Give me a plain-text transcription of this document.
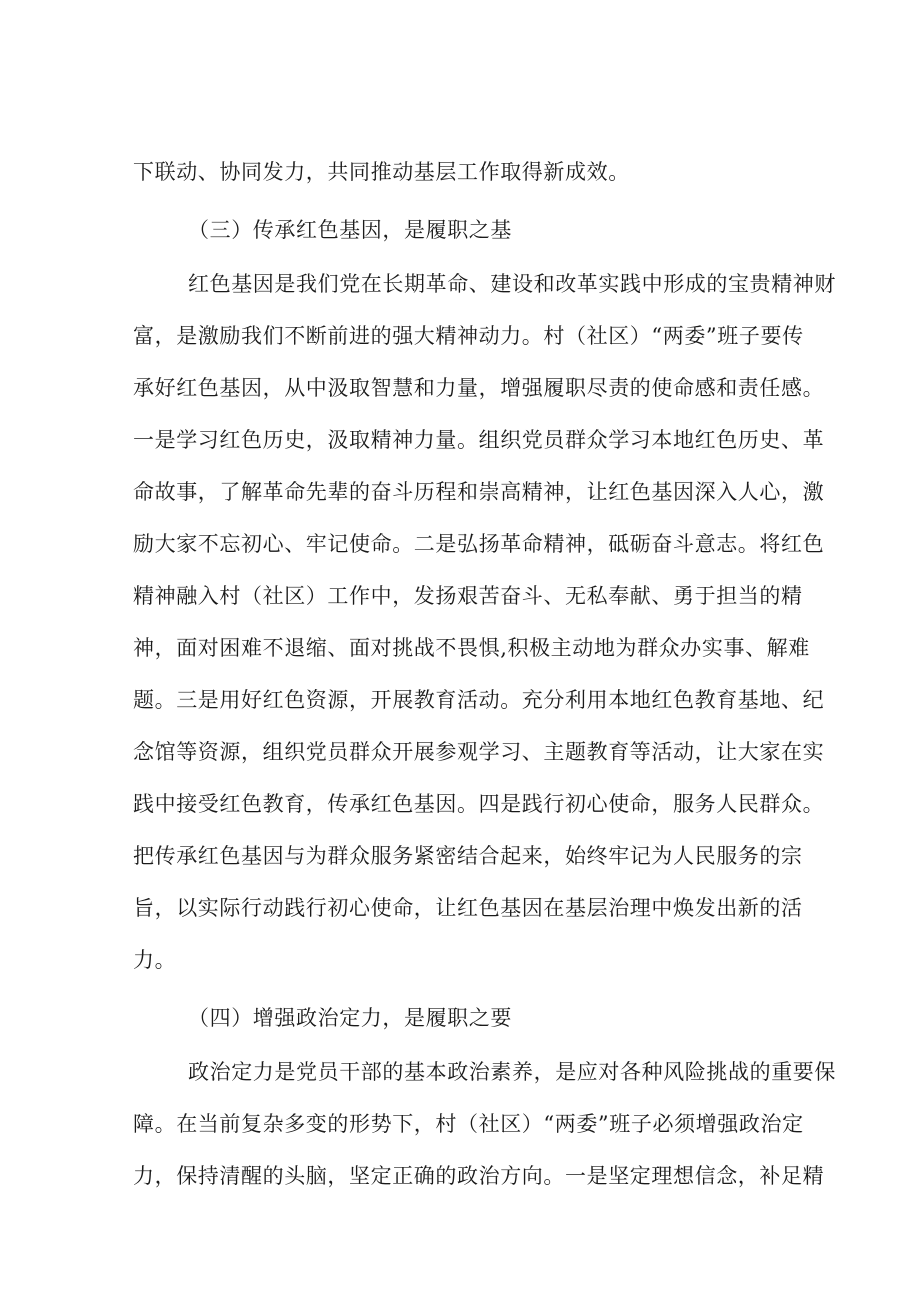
下联动、协同发力，共同推动基层工作取得新成效。
（三）传承红色基因，是履职之基
红色基因是我们党在长期革命、建设和改革实践中形成的宝贵精神财
富，是激励我们不断前进的强大精神动力。村（社区）“两委”班子要传
承好红色基因，从中汲取智慧和力量，增强履职尽责的使命感和责任感。
一是学习红色历史，汲取精神力量。组织党员群众学习本地红色历史、革
命故事，了解革命先辈的奋斗历程和崇高精神，让红色基因深入人心，激
励大家不忘初心、牢记使命。二是弘扬革命精神，砥砺奋斗意志。将红色
精神融入村（社区）工作中，发扬艰苦奋斗、无私奉献、勇于担当的精
神，面对困难不退缩、面对挑战不畏惧,积极主动地为群众办实事、解难
题。三是用好红色资源，开展教育活动。充分利用本地红色教育基地、纪
念馆等资源，组织党员群众开展参观学习、主题教育等活动，让大家在实
践中接受红色教育，传承红色基因。四是践行初心使命，服务人民群众。
把传承红色基因与为群众服务紧密结合起来，始终牢记为人民服务的宗
旨，以实际行动践行初心使命，让红色基因在基层治理中焕发出新的活
力。
（四）增强政治定力，是履职之要
政治定力是党员干部的基本政治素养，是应对各种风险挑战的重要保
障。在当前复杂多变的形势下，村（社区）“两委”班子必须增强政治定
力，保持清醒的头脑，坚定正确的政治方向。一是坚定理想信念，补足精
